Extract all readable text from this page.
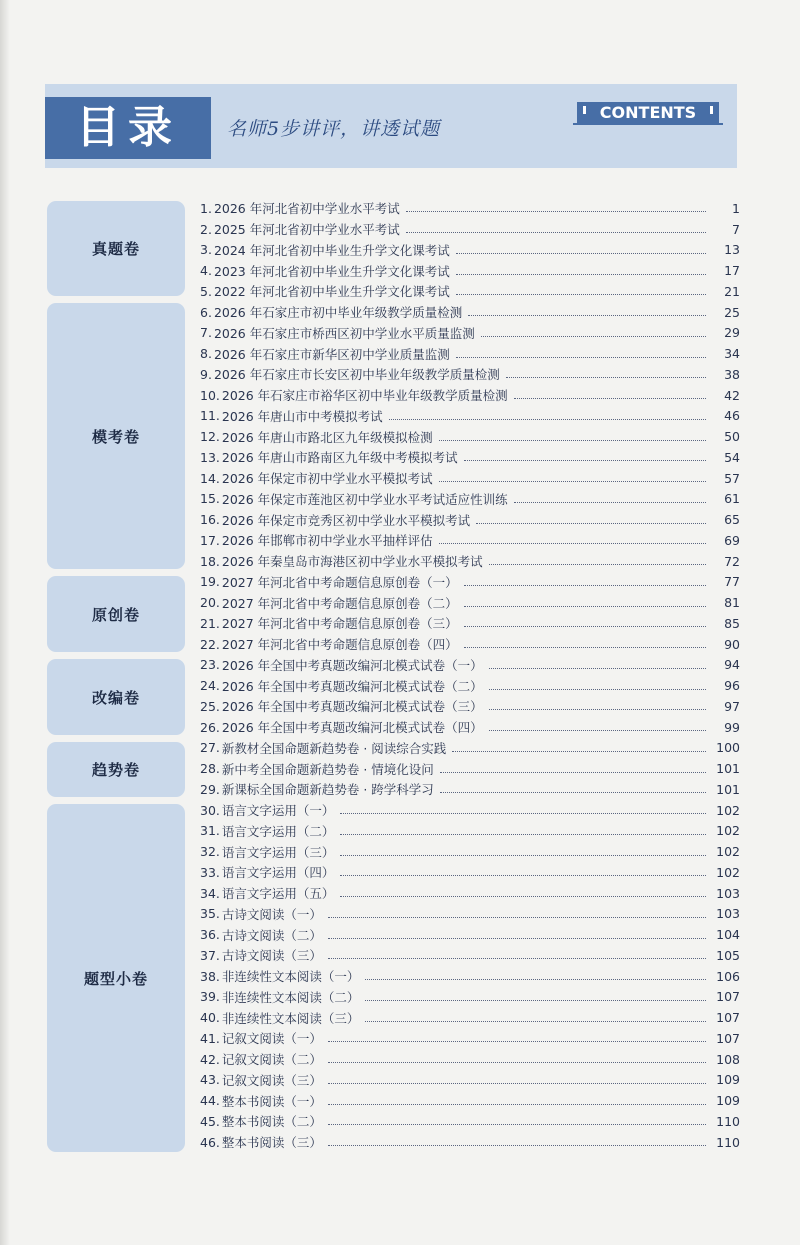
目录	名师5步讲评，讲透试题
CONTENTS
真题卷
模考卷
原创卷
改编卷
趋势卷
题型小卷
1. 2026 年河北省初中学业水平考试	1
2. 2025 年河北省初中学业水平考试	7
3. 2024 年河北省初中毕业生升学文化课考试	13
4. 2023 年河北省初中毕业生升学文化课考试	17
5. 2022 年河北省初中毕业生升学文化课考试	21
6. 2026 年石家庄市初中毕业年级教学质量检测	25
7. 2026 年石家庄市桥西区初中学业水平质量监测	29
8. 2026 年石家庄市新华区初中学业质量监测	34
9. 2026 年石家庄市长安区初中毕业年级教学质量检测	38
10. 2026 年石家庄市裕华区初中毕业年级教学质量检测	42
11. 2026 年唐山市中考模拟考试	46
12. 2026 年唐山市路北区九年级模拟检测	50
13. 2026 年唐山市路南区九年级中考模拟考试	54
14. 2026 年保定市初中学业水平模拟考试	57
15. 2026 年保定市莲池区初中学业水平考试适应性训练	61
16. 2026 年保定市竞秀区初中学业水平模拟考试	65
17. 2026 年邯郸市初中学业水平抽样评估	69
18. 2026 年秦皇岛市海港区初中学业水平模拟考试	72
19. 2027 年河北省中考命题信息原创卷（一）	77
20. 2027 年河北省中考命题信息原创卷（二）	81
21. 2027 年河北省中考命题信息原创卷（三）	85
22. 2027 年河北省中考命题信息原创卷（四）	90
23. 2026 年全国中考真题改编河北模式试卷（一）	94
24. 2026 年全国中考真题改编河北模式试卷（二）	96
25. 2026 年全国中考真题改编河北模式试卷（三）	97
26. 2026 年全国中考真题改编河北模式试卷（四）	99
27. 新教材全国命题新趋势卷 · 阅读综合实践	100
28. 新中考全国命题新趋势卷 · 情境化设问	101
29. 新课标全国命题新趋势卷 · 跨学科学习	101
30. 语言文字运用（一）	102
31. 语言文字运用（二）	102
32. 语言文字运用（三）	102
33. 语言文字运用（四）	102
34. 语言文字运用（五）	103
35. 古诗文阅读（一）	103
36. 古诗文阅读（二）	104
37. 古诗文阅读（三）	105
38. 非连续性文本阅读（一）	106
39. 非连续性文本阅读（二）	107
40. 非连续性文本阅读（三）	107
41. 记叙文阅读（一）	107
42. 记叙文阅读（二）	108
43. 记叙文阅读（三）	109
44. 整本书阅读（一）	109
45. 整本书阅读（二）	110
46. 整本书阅读（三）	110
